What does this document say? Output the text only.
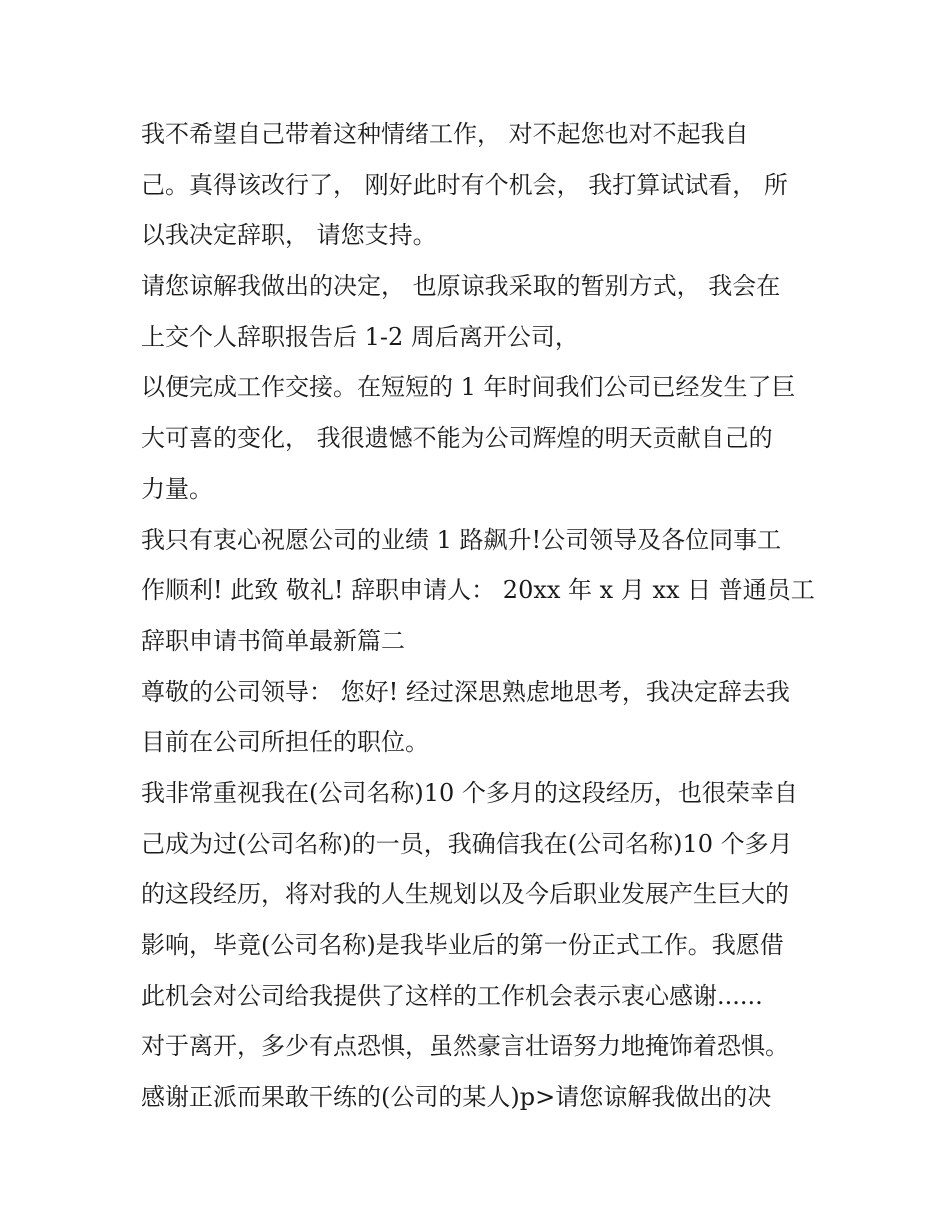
我不希望自己带着这种情绪工作， 对不起您也对不起我自
己。真得该改行了， 刚好此时有个机会， 我打算试试看， 所
以我决定辞职， 请您支持。
请您谅解我做出的决定， 也原谅我采取的暂别方式， 我会在
上交个人辞职报告后 1-2 周后离开公司，
以便完成工作交接。在短短的 1 年时间我们公司已经发生了巨
大可喜的变化， 我很遗憾不能为公司辉煌的明天贡献自己的
力量。
我只有衷心祝愿公司的业绩 1 路飙升!公司领导及各位同事工
作顺利! 此致 敬礼! 辞职申请人： 20xx 年 x 月 xx 日 普通员工
辞职申请书简单最新篇二
尊敬的公司领导： 您好! 经过深思熟虑地思考，我决定辞去我
目前在公司所担任的职位。
我非常重视我在(公司名称)10 个多月的这段经历，也很荣幸自
己成为过(公司名称)的一员，我确信我在(公司名称)10 个多月
的这段经历，将对我的人生规划以及今后职业发展产生巨大的
影响，毕竟(公司名称)是我毕业后的第一份正式工作。我愿借
此机会对公司给我提供了这样的工作机会表示衷心感谢......
对于离开，多少有点恐惧，虽然豪言壮语努力地掩饰着恐惧。
感谢正派而果敢干练的(公司的某人)p>请您谅解我做出的决
